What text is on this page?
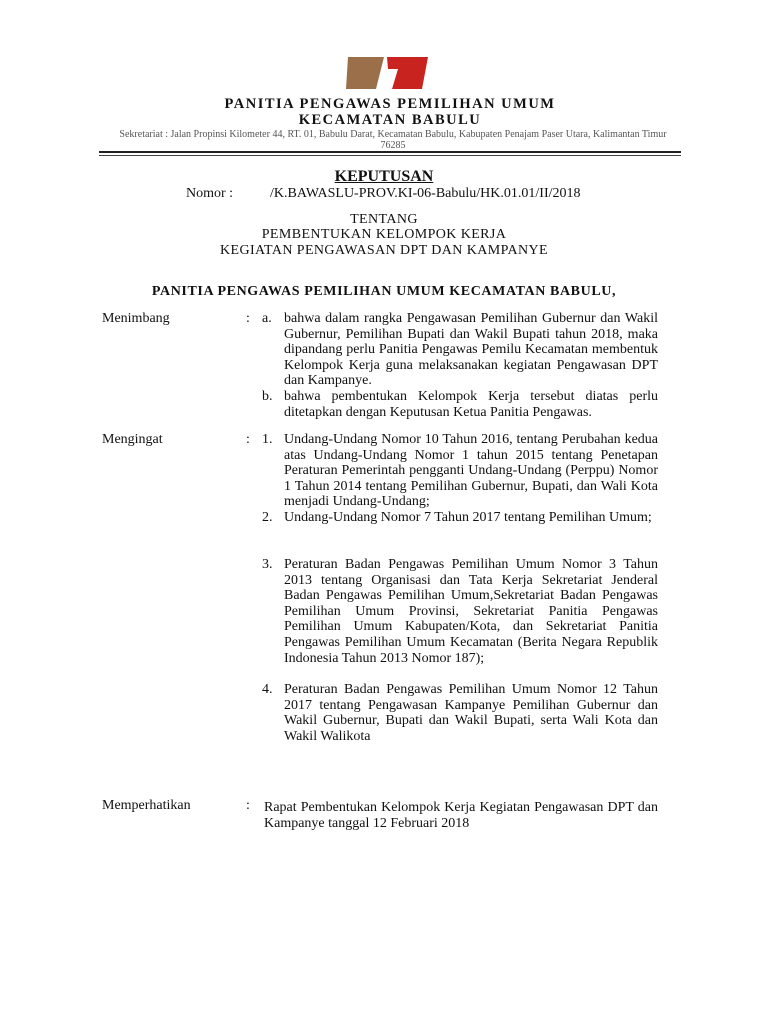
PANITIA PENGAWAS PEMILIHAN UMUM

KECAMATAN BABULU

Sekretariat : Jalan Propinsi Kilometer 44, RT. 01, Babulu Darat, Kecamatan Babulu, Kabupaten Penajam Paser Utara, Kalimantan Timur 76285

KEPUTUSAN

Nomor :	/K.BAWASLU-PROV.KI-06-Babulu/HK.01.01/II/2018

TENTANG

PEMBENTUKAN KELOMPOK KERJA

KEGIATAN PENGAWASAN DPT DAN KAMPANYE

PANITIA PENGAWAS PEMILIHAN UMUM KECAMATAN BABULU,

Menimbang	: a. bahwa dalam rangka Pengawasan Pemilihan Gubernur dan Wakil Gubernur, Pemilihan Bupati dan Wakil Bupati tahun 2018, maka dipandang perlu Panitia Pengawas Pemilu Kecamatan membentuk Kelompok Kerja guna melaksanakan kegiatan Pengawasan DPT dan Kampanye.

b. bahwa pembentukan Kelompok Kerja tersebut diatas perlu ditetapkan dengan Keputusan Ketua Panitia Pengawas.

Mengingat	: 1. Undang-Undang Nomor 10 Tahun 2016, tentang Perubahan kedua atas Undang-Undang Nomor 1 tahun 2015 tentang Penetapan Peraturan Pemerintah pengganti Undang-Undang (Perppu) Nomor 1 Tahun 2014 tentang Pemilihan Gubernur, Bupati, dan Wali Kota menjadi Undang-Undang;

2. Undang-Undang Nomor 7 Tahun 2017 tentang Pemilihan Umum;

3. Peraturan Badan Pengawas Pemilihan Umum Nomor 3 Tahun 2013 tentang Organisasi dan Tata Kerja Sekretariat Jenderal Badan Pengawas Pemilihan Umum,Sekretariat Badan Pengawas Pemilihan Umum Provinsi, Sekretariat Panitia Pengawas Pemilihan Umum Kabupaten/Kota, dan Sekretariat Panitia Pengawas Pemilihan Umum Kecamatan (Berita Negara Republik Indonesia Tahun 2013 Nomor 187);

4. Peraturan Badan Pengawas Pemilihan Umum Nomor 12 Tahun 2017 tentang Pengawasan Kampanye Pemilihan Gubernur dan Wakil Gubernur, Bupati dan Wakil Bupati, serta Wali Kota dan Wakil Walikota

Memperhatikan	: Rapat Pembentukan Kelompok Kerja Kegiatan Pengawasan DPT dan Kampanye tanggal 12 Februari 2018
